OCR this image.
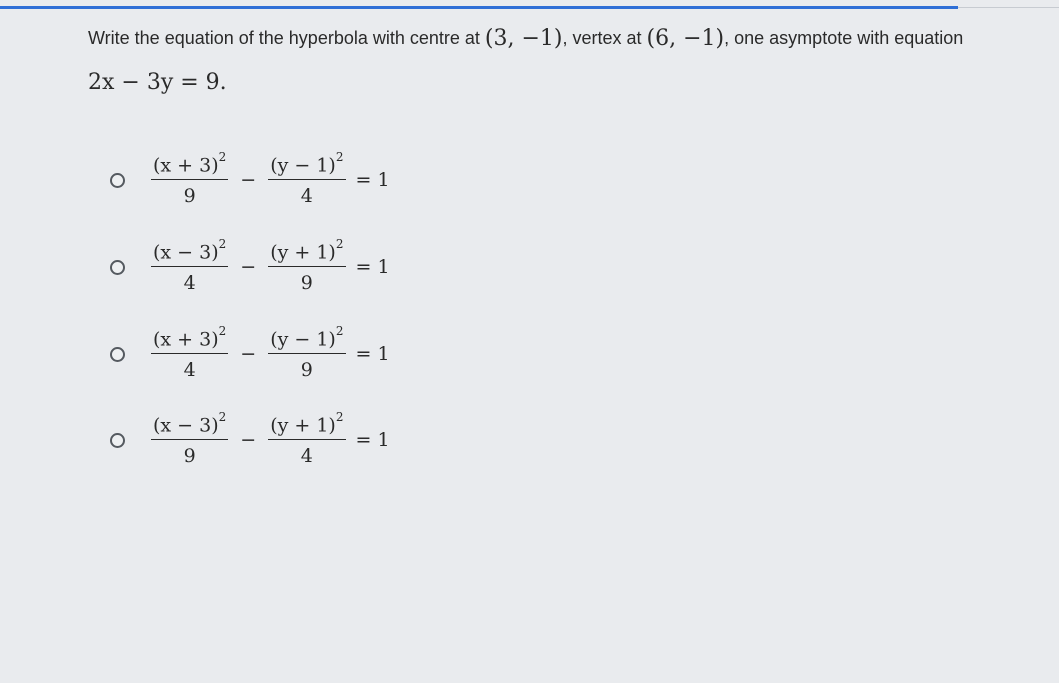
Write the equation of the hyperbola with centre at (3, −1), vertex at (6, −1), one asymptote with equation
2x − 3y = 9.
$\frac{(x + 3)^2}{9} - \frac{(y - 1)^2}{4} = 1$
$\frac{(x - 3)^2}{4} - \frac{(y + 1)^2}{9} = 1$
$\frac{(x + 3)^2}{4} - \frac{(y - 1)^2}{9} = 1$
$\frac{(x - 3)^2}{9} - \frac{(y + 1)^2}{4} = 1$
